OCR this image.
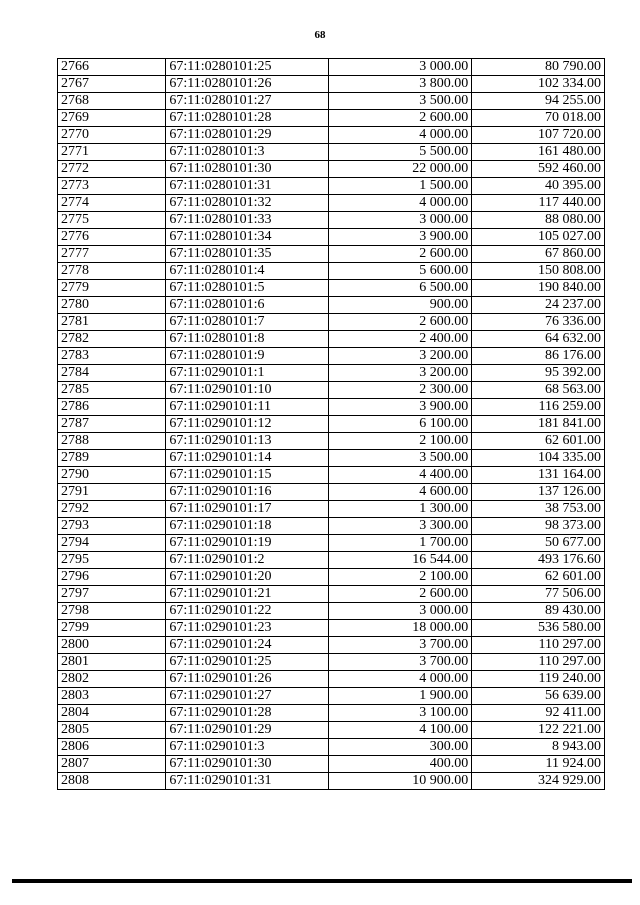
68
2766	67:11:0280101:25	3 000.00	80 790.00
2767	67:11:0280101:26	3 800.00	102 334.00
2768	67:11:0280101:27	3 500.00	94 255.00
2769	67:11:0280101:28	2 600.00	70 018.00
2770	67:11:0280101:29	4 000.00	107 720.00
2771	67:11:0280101:3	5 500.00	161 480.00
2772	67:11:0280101:30	22 000.00	592 460.00
2773	67:11:0280101:31	1 500.00	40 395.00
2774	67:11:0280101:32	4 000.00	117 440.00
2775	67:11:0280101:33	3 000.00	88 080.00
2776	67:11:0280101:34	3 900.00	105 027.00
2777	67:11:0280101:35	2 600.00	67 860.00
2778	67:11:0280101:4	5 600.00	150 808.00
2779	67:11:0280101:5	6 500.00	190 840.00
2780	67:11:0280101:6	900.00	24 237.00
2781	67:11:0280101:7	2 600.00	76 336.00
2782	67:11:0280101:8	2 400.00	64 632.00
2783	67:11:0280101:9	3 200.00	86 176.00
2784	67:11:0290101:1	3 200.00	95 392.00
2785	67:11:0290101:10	2 300.00	68 563.00
2786	67:11:0290101:11	3 900.00	116 259.00
2787	67:11:0290101:12	6 100.00	181 841.00
2788	67:11:0290101:13	2 100.00	62 601.00
2789	67:11:0290101:14	3 500.00	104 335.00
2790	67:11:0290101:15	4 400.00	131 164.00
2791	67:11:0290101:16	4 600.00	137 126.00
2792	67:11:0290101:17	1 300.00	38 753.00
2793	67:11:0290101:18	3 300.00	98 373.00
2794	67:11:0290101:19	1 700.00	50 677.00
2795	67:11:0290101:2	16 544.00	493 176.60
2796	67:11:0290101:20	2 100.00	62 601.00
2797	67:11:0290101:21	2 600.00	77 506.00
2798	67:11:0290101:22	3 000.00	89 430.00
2799	67:11:0290101:23	18 000.00	536 580.00
2800	67:11:0290101:24	3 700.00	110 297.00
2801	67:11:0290101:25	3 700.00	110 297.00
2802	67:11:0290101:26	4 000.00	119 240.00
2803	67:11:0290101:27	1 900.00	56 639.00
2804	67:11:0290101:28	3 100.00	92 411.00
2805	67:11:0290101:29	4 100.00	122 221.00
2806	67:11:0290101:3	300.00	8 943.00
2807	67:11:0290101:30	400.00	11 924.00
2808	67:11:0290101:31	10 900.00	324 929.00
